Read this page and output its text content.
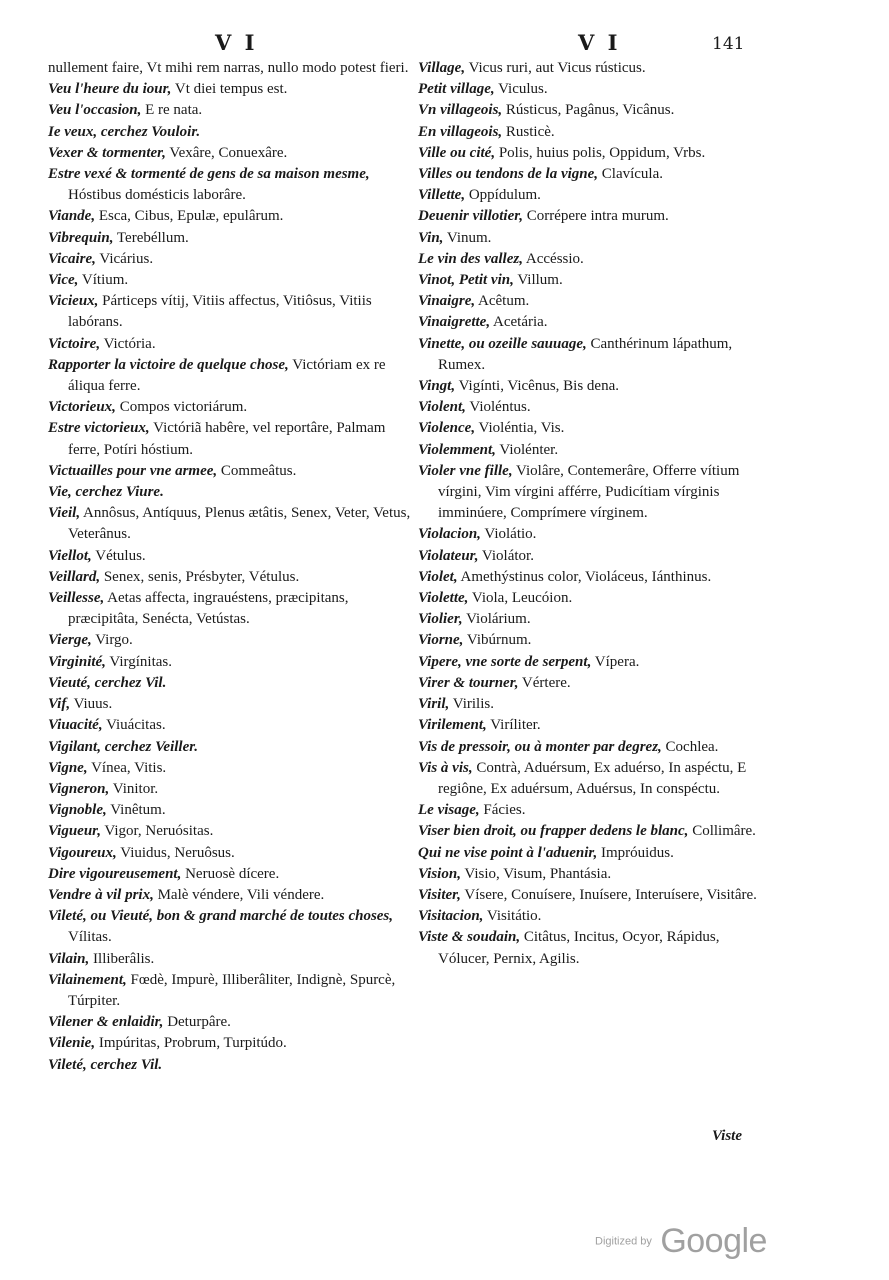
V I	V I	141

nullement faire, Vt mihi rem narras, nullo modo potest fieri.

Veu l'heure du iour, Vt diei tempus est.

Veu l'occasion, E re nata.

Ie veux, cerchez Vouloir.

Vexer & tormenter, Vexâre, Conuexâre.

Estre vexé & tormenté de gens de sa maison mesme, Hóstibus domésticis laborâre.

Viande, Esca, Cibus, Epulæ, epulârum.

Vibrequin, Terebéllum.

Vicaire, Vicárius.

Vice, Vítium.

Vicieux, Párticeps vítij, Vitiis affectus, Vitiôsus, Vitiis labórans.

Victoire, Victória.

Rapporter la victoire de quelque chose, Victóriam ex re áliqua ferre.

Victorieux, Compos victoriárum.

Estre victorieux, Victóriã habêre, vel reportâre, Palmam ferre, Potíri hóstium.

Victuailles pour vne armee, Commeâtus.

Vie, cerchez Viure.

Vieil, Annôsus, Antíquus, Plenus ætâtis, Senex, Veter, Vetus, Veterânus.

Viellot, Vétulus.

Veillard, Senex, senis, Présbyter, Vétulus.

Veillesse, Aetas affecta, ingrauéstens, præcipitans, præcipitâta, Senécta, Vetústas.

Vierge, Virgo.

Virginité, Virgínitas.

Vieuté, cerchez Vil.

Vif, Viuus.

Viuacité, Viuácitas.

Vigilant, cerchez Veiller.

Vigne, Vínea, Vitis.

Vigneron, Vinitor.

Vignoble, Vinêtum.

Vigueur, Vigor, Neruósitas.

Vigoureux, Viuidus, Neruôsus.

Dire vigoureusement, Neruosè dícere.

Vendre à vil prix, Malè véndere, Vili véndere.

Vileté, ou Vieuté, bon & grand marché de toutes choses, Vílitas.

Vilain, Illiberâlis.

Vilainement, Fœdè, Impurè, Illiberâliter, Indignè, Spurcè, Túrpiter.

Vilener & enlaidir, Deturpâre.

Vilenie, Impúritas, Probrum, Turpitúdo.

Vileté, cerchez Vil.

Village, Vicus ruri, aut Vicus rústicus.

Petit village, Viculus.

Vn villageois, Rústicus, Pagânus, Vicânus.

En villageois, Rusticè.

Ville ou cité, Polis, huius polis, Oppidum, Vrbs.

Villes ou tendons de la vigne, Clavícula.

Villette, Oppídulum.

Deuenir villotier, Corrépere intra murum.

Vin, Vinum.

Le vin des vallez, Accéssio.

Vinot, Petit vin, Villum.

Vinaigre, Acêtum.

Vinaigrette, Acetária.

Vinette, ou ozeille sauuage, Canthérinum lápathum, Rumex.

Vingt, Vigínti, Vicênus, Bis dena.

Violent, Violéntus.

Violence, Violéntia, Vis.

Violemment, Violénter.

Violer vne fille, Violâre, Contemerâre, Offerre vítium vírgini, Vim vírgini afférre, Pudicítiam vírginis imminúere, Comprímere vírginem.

Violacion, Violátio.

Violateur, Violátor.

Violet, Amethýstinus color, Violáceus, Iánthinus.

Violette, Viola, Leucóion.

Violier, Violárium.

Viorne, Vibúrnum.

Vipere, vne sorte de serpent, Vípera.

Virer & tourner, Vértere.

Viril, Virilis.

Virilement, Viríliter.

Vis de pressoir, ou à monter par degrez, Cochlea.

Vis à vis, Contrà, Aduérsum, Ex aduérso, In aspéctu, E regiône, Ex aduérsum, Aduérsus, In conspéctu.

Le visage, Fácies.

Viser bien droit, ou frapper dedens le blanc, Collimâre.

Qui ne vise point à l'aduenir, Impróuidus.

Vision, Visio, Visum, Phantásia.

Visiter, Vísere, Conuísere, Inuísere, Interuísere, Visitâre.

Visitacion, Visitátio.

Viste & soudain, Citâtus, Incitus, Ocyor, Rápidus, Vólucer, Pernix, Agilis.

Viste
Digitized by Google
